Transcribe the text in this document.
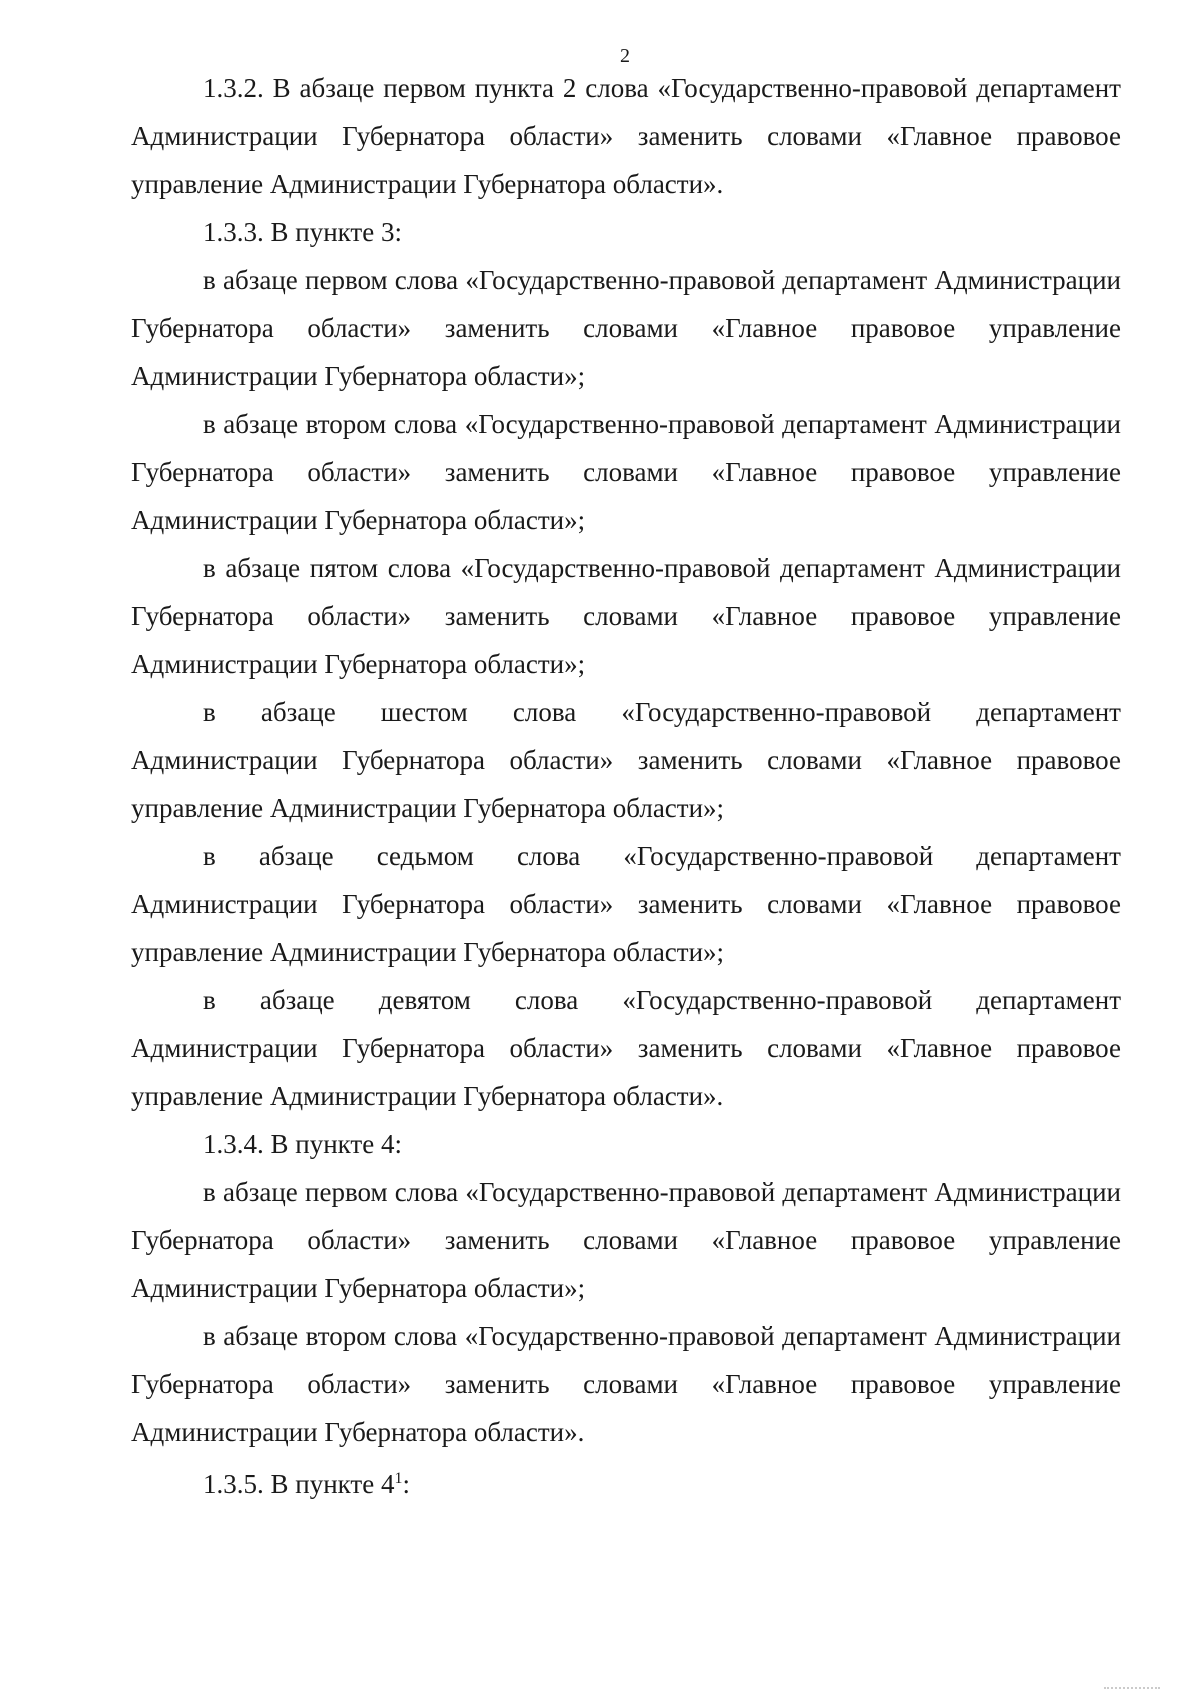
2

1.3.2. В абзаце первом пункта 2 слова «Государственно-правовой департамент Администрации Губернатора области» заменить словами «Главное правовое управление Администрации Губернатора области».

1.3.3. В пункте 3:

в абзаце первом слова «Государственно-правовой департамент Администрации Губернатора области» заменить словами «Главное правовое управление Администрации Губернатора области»;

в абзаце втором слова «Государственно-правовой департамент Администрации Губернатора области» заменить словами «Главное правовое управление Администрации Губернатора области»;

в абзаце пятом слова «Государственно-правовой департамент Администрации Губернатора области» заменить словами «Главное правовое управление Администрации Губернатора области»;

в абзаце шестом слова «Государственно-правовой департамент Администрации Губернатора области» заменить словами «Главное правовое управление Администрации Губернатора области»;

в абзаце седьмом слова «Государственно-правовой департамент Администрации Губернатора области» заменить словами «Главное правовое управление Администрации Губернатора области»;

в абзаце девятом слова «Государственно-правовой департамент Администрации Губернатора области» заменить словами «Главное правовое управление Администрации Губернатора области».

1.3.4. В пункте 4:

в абзаце первом слова «Государственно-правовой департамент Администрации Губернатора области» заменить словами «Главное правовое управление Администрации Губернатора области»;

в абзаце втором слова «Государственно-правовой департамент Администрации Губернатора области» заменить словами «Главное правовое управление Администрации Губернатора области».

1.3.5. В пункте 4$^1$:
